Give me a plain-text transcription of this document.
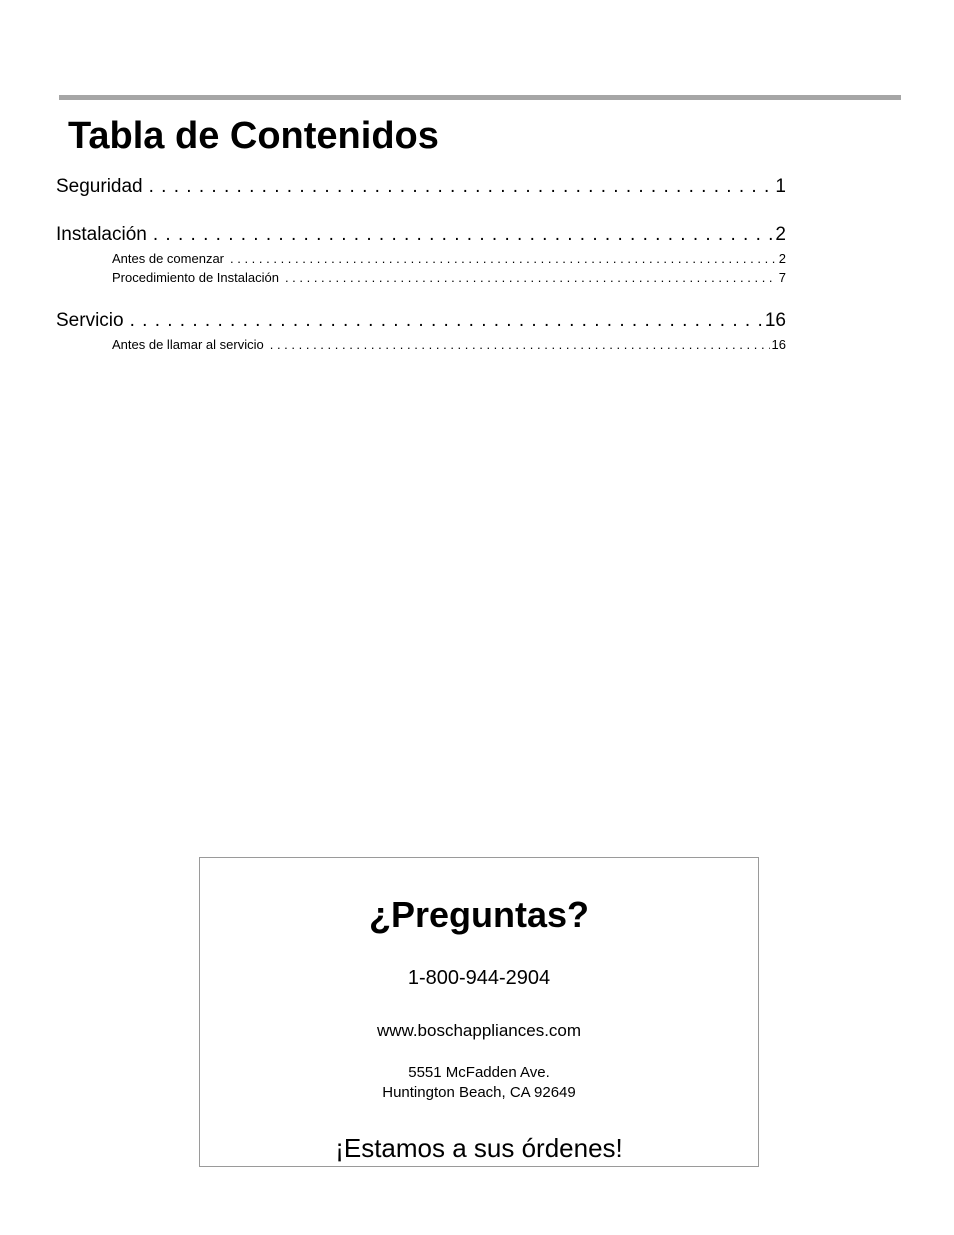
Tabla de Contenidos
Seguridad . . .	1
Instalación . . .	2
Antes de comenzar . . .	2
Procedimiento de Instalación . . .	7
Servicio . . .	16
Antes de llamar al servicio . . .	16

¿Preguntas?

1-800-944-2904

www.boschappliances.com

5551 McFadden Ave.

Huntington Beach, CA 92649

¡Estamos a sus órdenes!
